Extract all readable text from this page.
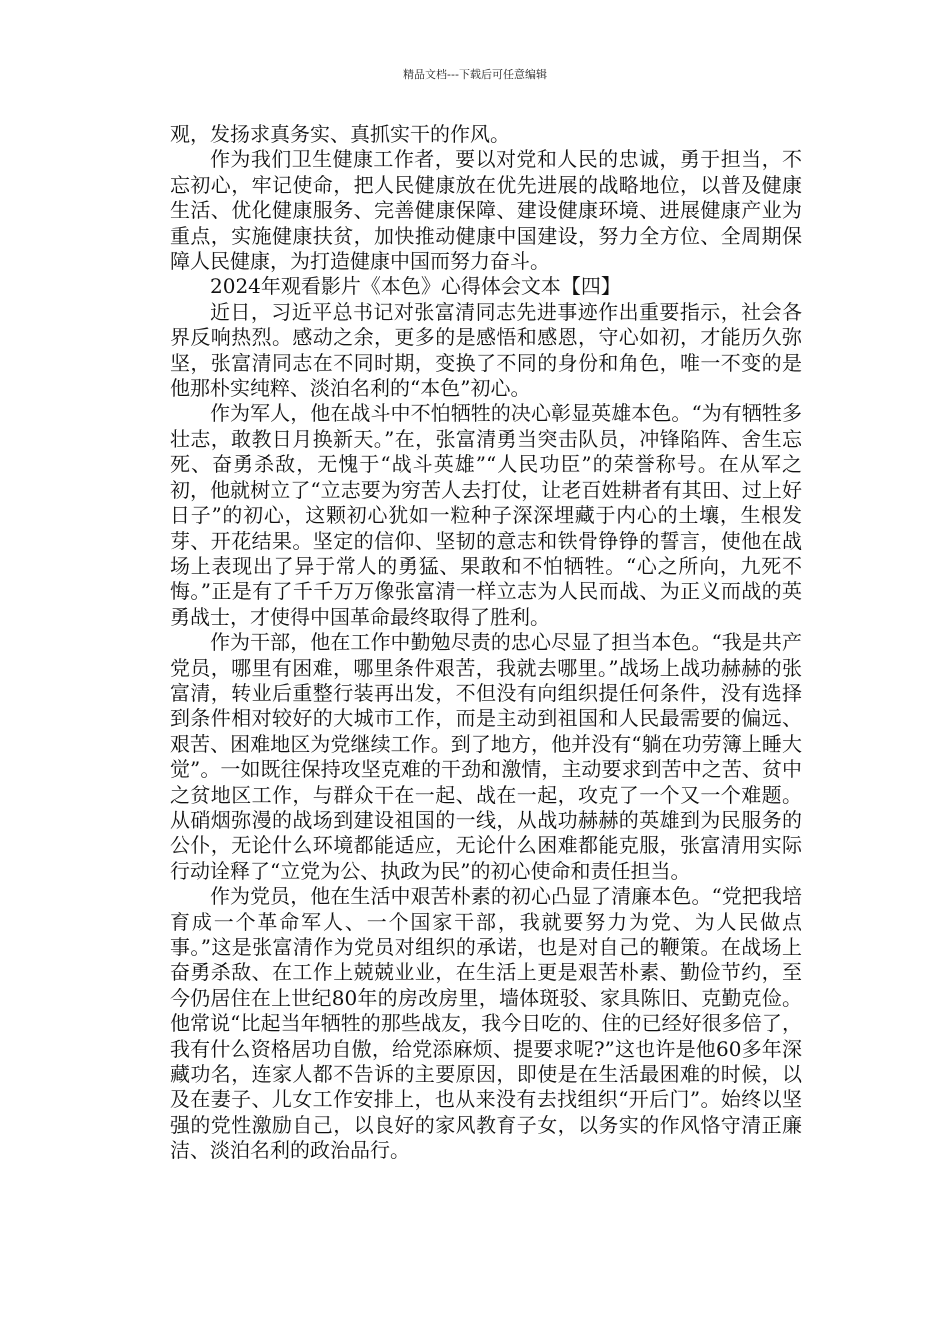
精品文档---下载后可任意编辑

观，发扬求真务实、真抓实干的作风。

作为我们卫生健康工作者，要以对党和人民的忠诚，勇于担当，不忘初心，牢记使命，把人民健康放在优先进展的战略地位，以普及健康生活、优化健康服务、完善健康保障、建设健康环境、进展健康产业为重点，实施健康扶贫，加快推动健康中国建设，努力全方位、全周期保障人民健康，为打造健康中国而努力奋斗。

2024年观看影片《本色》心得体会文本【四】

近日，习近平总书记对张富清同志先进事迹作出重要指示，社会各界反响热烈。感动之余，更多的是感悟和感恩，守心如初，才能历久弥坚，张富清同志在不同时期，变换了不同的身份和角色，唯一不变的是他那朴实纯粹、淡泊名利的“本色”初心。

作为军人，他在战斗中不怕牺牲的决心彰显英雄本色。“为有牺牲多壮志，敢教日月换新天。”在，张富清勇当突击队员，冲锋陷阵、舍生忘死、奋勇杀敌，无愧于“战斗英雄”“人民功臣”的荣誉称号。在从军之初，他就树立了“立志要为穷苦人去打仗，让老百姓耕者有其田、过上好日子”的初心，这颗初心犹如一粒种子深深埋藏于内心的土壤，生根发芽、开花结果。坚定的信仰、坚韧的意志和铁骨铮铮的誓言，使他在战场上表现出了异于常人的勇猛、果敢和不怕牺牲。“心之所向，九死不悔。”正是有了千千万万像张富清一样立志为人民而战、为正义而战的英勇战士，才使得中国革命最终取得了胜利。

作为干部，他在工作中勤勉尽责的忠心尽显了担当本色。“我是共产党员，哪里有困难，哪里条件艰苦，我就去哪里。”战场上战功赫赫的张富清，转业后重整行装再出发，不但没有向组织提任何条件，没有选择到条件相对较好的大城市工作，而是主动到祖国和人民最需要的偏远、艰苦、困难地区为党继续工作。到了地方，他并没有“躺在功劳簿上睡大觉”。一如既往保持攻坚克难的干劲和激情，主动要求到苦中之苦、贫中之贫地区工作，与群众干在一起、战在一起，攻克了一个又一个难题。从硝烟弥漫的战场到建设祖国的一线，从战功赫赫的英雄到为民服务的公仆，无论什么环境都能适应，无论什么困难都能克服，张富清用实际行动诠释了“立党为公、执政为民”的初心使命和责任担当。

作为党员，他在生活中艰苦朴素的初心凸显了清廉本色。“党把我培育成一个革命军人、一个国家干部，我就要努力为党、为人民做点事。”这是张富清作为党员对组织的承诺，也是对自己的鞭策。在战场上奋勇杀敌、在工作上兢兢业业，在生活上更是艰苦朴素、勤俭节约，至今仍居住在上世纪80年的房改房里，墙体斑驳、家具陈旧、克勤克俭。他常说“比起当年牺牲的那些战友，我今日吃的、住的已经好很多倍了，我有什么资格居功自傲，给党添麻烦、提要求呢?”这也许是他60多年深藏功名，连家人都不告诉的主要原因，即使是在生活最困难的时候，以及在妻子、儿女工作安排上，也从来没有去找组织“开后门”。始终以坚强的党性激励自己，以良好的家风教育子女，以务实的作风恪守清正廉洁、淡泊名利的政治品行。
